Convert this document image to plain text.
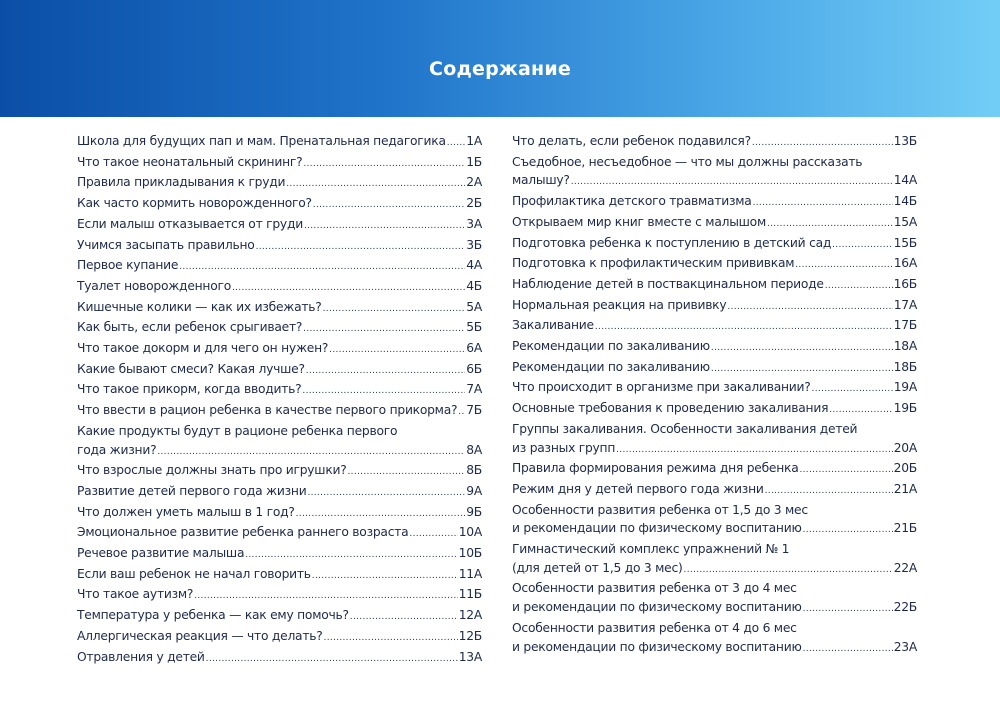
Содержание
Школа для будущих пап и мам. Пренатальная педагогика ..... 1А
Что такое неонатальный скрининг? .....	1Б
Правила прикладывания к груди .....	2А
Как часто кормить новорожденного? .....	2Б
Если малыш отказывается от груди .....	3А
Учимся засыпать правильно .....	3Б
Первое купание .....	4А
Туалет новорожденного .....	4Б
Кишечные колики — как их избежать? .....	5А
Как быть, если ребенок срыгивает? .....	5Б
Что такое докорм и для чего он нужен? .....	6А
Какие бывают смеси? Какая лучше? .....	6Б
Что такое прикорм, когда вводить? .....	7А
Что ввести в рацион ребенка в качестве первого прикорма? ..... 7Б
Какие продукты будут в рационе ребенка первого
года жизни? .....	8А
Что взрослые должны знать про игрушки? .....	8Б
Развитие детей первого года жизни .....	9А
Что должен уметь малыш в 1 год? .....	9Б
Эмоциональное развитие ребенка раннего возраста .....	10А
Речевое развитие малыша .....	10Б
Если ваш ребенок не начал говорить .....	11А
Что такое аутизм? .....	11Б
Температура у ребенка — как ему помочь? .....	12А
Аллергическая реакция — что делать? .....	12Б
Отравления у детей .....	13А
Что делать, если ребенок подавился? .....	13Б
Съедобное, несъедобное — что мы должны рассказать
малышу? .....	14А
Профилактика детского травматизма .....	14Б
Открываем мир книг вместе с малышом .....	15А
Подготовка ребенка к поступлению в детский сад .....	15Б
Подготовка к профилактическим прививкам .....	16А
Наблюдение детей в поствакцинальном периоде .....	16Б
Нормальная реакция на прививку .....	17А
Закаливание .....	17Б
Рекомендации по закаливанию .....	18А
Рекомендации по закаливанию .....	18Б
Что происходит в организме при закаливании? .....	19А
Основные требования к проведению закаливания .....	19Б
Группы закаливания. Особенности закаливания детей
из разных групп .....	20А
Правила формирования режима дня ребенка .....	20Б
Режим дня у детей первого года жизни .....	21А
Особенности развития ребенка от 1,5 до 3 мес
и рекомендации по физическому воспитанию .....	21Б
Гимнастический комплекс упражнений № 1
(для детей от 1,5 до 3 мес) .....	22А
Особенности развития ребенка от 3 до 4 мес
и рекомендации по физическому воспитанию .....	22Б
Особенности развития ребенка от 4 до 6 мес
и рекомендации по физическому воспитанию .....	23А
